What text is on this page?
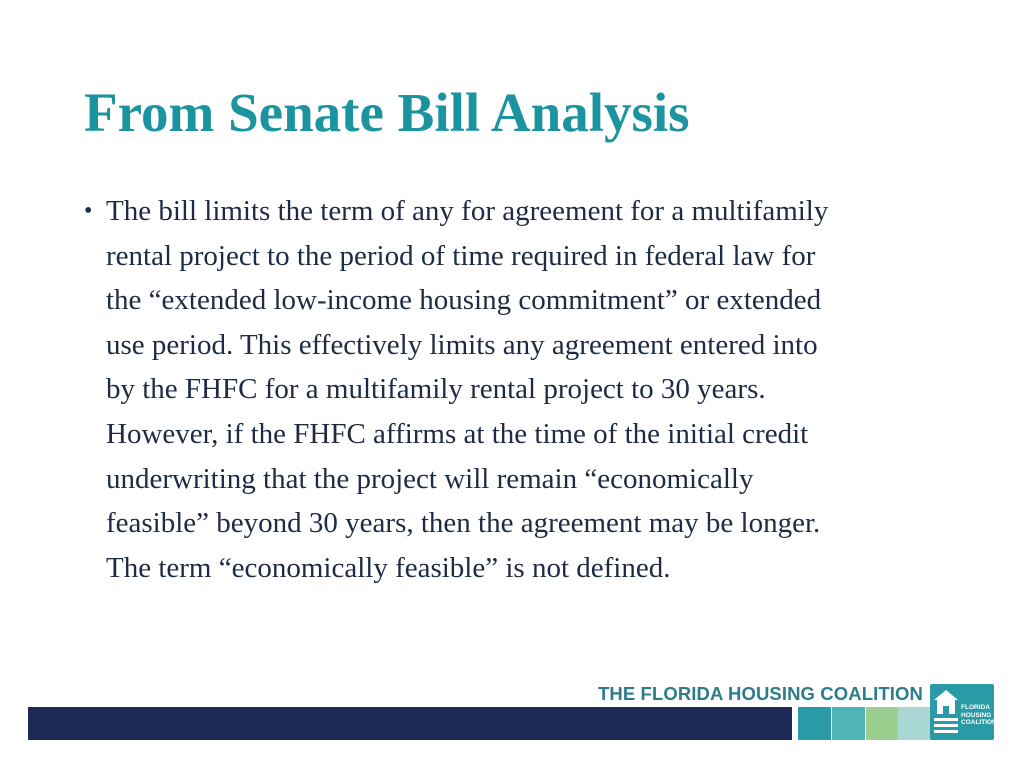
From Senate Bill Analysis
• The bill limits the term of any for agreement for a multifamily
rental project to the period of time required in federal law for
the “extended low-income housing commitment” or extended
use period. This effectively limits any agreement entered into
by the FHFC for a multifamily rental project to 30 years.
However, if the FHFC affirms at the time of the initial credit
underwriting that the project will remain “economically
feasible” beyond 30 years, then the agreement may be longer.
The term “economically feasible” is not defined.
THE FLORIDA HOUSING COALITION
FLORIDA
HOUSING
COALITION
